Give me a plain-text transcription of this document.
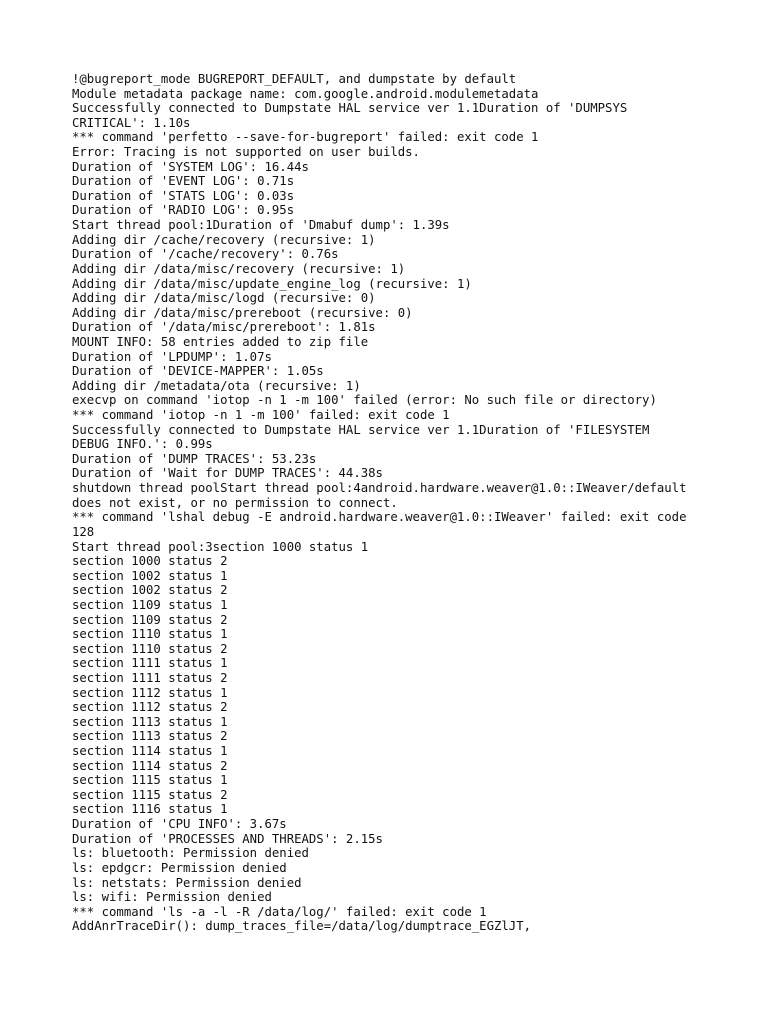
!@bugreport_mode BUGREPORT_DEFAULT, and dumpstate by default
Module metadata package name: com.google.android.modulemetadata
Successfully connected to Dumpstate HAL service ver 1.1Duration of 'DUMPSYS
CRITICAL': 1.10s
*** command 'perfetto --save-for-bugreport' failed: exit code 1
Error: Tracing is not supported on user builds.
Duration of 'SYSTEM LOG': 16.44s
Duration of 'EVENT LOG': 0.71s
Duration of 'STATS LOG': 0.03s
Duration of 'RADIO LOG': 0.95s
Start thread pool:1Duration of 'Dmabuf dump': 1.39s
Adding dir /cache/recovery (recursive: 1)
Duration of '/cache/recovery': 0.76s
Adding dir /data/misc/recovery (recursive: 1)
Adding dir /data/misc/update_engine_log (recursive: 1)
Adding dir /data/misc/logd (recursive: 0)
Adding dir /data/misc/prereboot (recursive: 0)
Duration of '/data/misc/prereboot': 1.81s
MOUNT INFO: 58 entries added to zip file
Duration of 'LPDUMP': 1.07s
Duration of 'DEVICE-MAPPER': 1.05s
Adding dir /metadata/ota (recursive: 1)
execvp on command 'iotop -n 1 -m 100' failed (error: No such file or directory)
*** command 'iotop -n 1 -m 100' failed: exit code 1
Successfully connected to Dumpstate HAL service ver 1.1Duration of 'FILESYSTEM
DEBUG INFO.': 0.99s
Duration of 'DUMP TRACES': 53.23s
Duration of 'Wait for DUMP TRACES': 44.38s
shutdown thread poolStart thread pool:4android.hardware.weaver@1.0::IWeaver/default
does not exist, or no permission to connect.
*** command 'lshal debug -E android.hardware.weaver@1.0::IWeaver' failed: exit code
128
Start thread pool:3section 1000 status 1
section 1000 status 2
section 1002 status 1
section 1002 status 2
section 1109 status 1
section 1109 status 2
section 1110 status 1
section 1110 status 2
section 1111 status 1
section 1111 status 2
section 1112 status 1
section 1112 status 2
section 1113 status 1
section 1113 status 2
section 1114 status 1
section 1114 status 2
section 1115 status 1
section 1115 status 2
section 1116 status 1
Duration of 'CPU INFO': 3.67s
Duration of 'PROCESSES AND THREADS': 2.15s
ls: bluetooth: Permission denied
ls: epdgcr: Permission denied
ls: netstats: Permission denied
ls: wifi: Permission denied
*** command 'ls -a -l -R /data/log/' failed: exit code 1
AddAnrTraceDir(): dump_traces_file=/data/log/dumptrace_EGZlJT,
